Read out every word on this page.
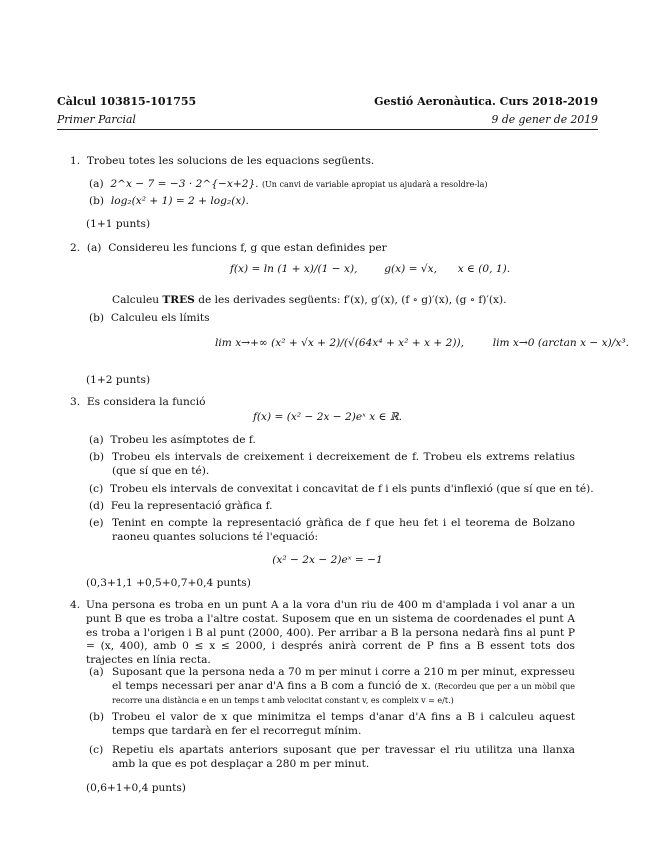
Càlcul 103815-101755	Gestió Aeronàutica. Curs 2018-2019
Primer Parcial	9 de gener de 2019
1. Trobeu totes les solucions de les equacions següents.
(a) 2^x − 7 = −3 · 2^{−x+2}. (Un canvi de variable apropiat us ajudarà a resoldre-la)
(b) log₂(x² + 1) = 2 + log₂(x).
(1+1 punts)
2. (a) Considereu les funcions f, g que estan definides per
f(x) = ln (1 + x)/(1 − x),	g(x) = √x, x ∈ (0, 1).
Calculeu TRES de les derivades següents: f′(x), g′(x), (f ∘ g)′(x), (g ∘ f)′(x).
(b) Calculeu els límits
lim x→+∞ (x² + √x + 2)/(√(64x⁴ + x² + x + 2)),	lim x→0 (arctan x − x)/x³.
(1+2 punts)
3. Es considera la funció
f(x) = (x² − 2x − 2)eˣ x ∈ ℝ.
(a) Trobeu les asímptotes de f.
(b) Trobeu els intervals de creixement i decreixement de f. Trobeu els extrems relatius (que sí que en té).
(c) Trobeu els intervals de convexitat i concavitat de f i els punts d'inflexió (que sí que en té).
(d) Feu la representació gràfica f.
(e) Tenint en compte la representació gràfica de f que heu fet i el teorema de Bolzano raoneu quantes solucions té l'equació:
(x² − 2x − 2)eˣ = −1
(0,3+1,1 +0,5+0,7+0,4 punts)
4. Una persona es troba en un punt A a la vora d'un riu de 400 m d'amplada i vol anar a un punt B que es troba a l'altre costat. Suposem que en un sistema de coordenades el punt A es troba a l'origen i B al punt (2000, 400). Per arribar a B la persona nedarà fins al punt P = (x, 400), amb 0 ≤ x ≤ 2000, i després anirà corrent de P fins a B essent tots dos trajectes en línia recta.
(a) Suposant que la persona neda a 70 m per minut i corre a 210 m per minut, expresseu el temps necessari per anar d'A fins a B com a funció de x. (Recordeu que per a un mòbil que recorre una distància e en un temps t amb velocitat constant v, es compleix v = e/t.)
(b) Trobeu el valor de x que minimitza el temps d'anar d'A fins a B i calculeu aquest temps que tardarà en fer el recorregut mínim.
(c) Repetiu els apartats anteriors suposant que per travessar el riu utilitza una llanxa amb la que es pot desplaçar a 280 m per minut.
(0,6+1+0,4 punts)
